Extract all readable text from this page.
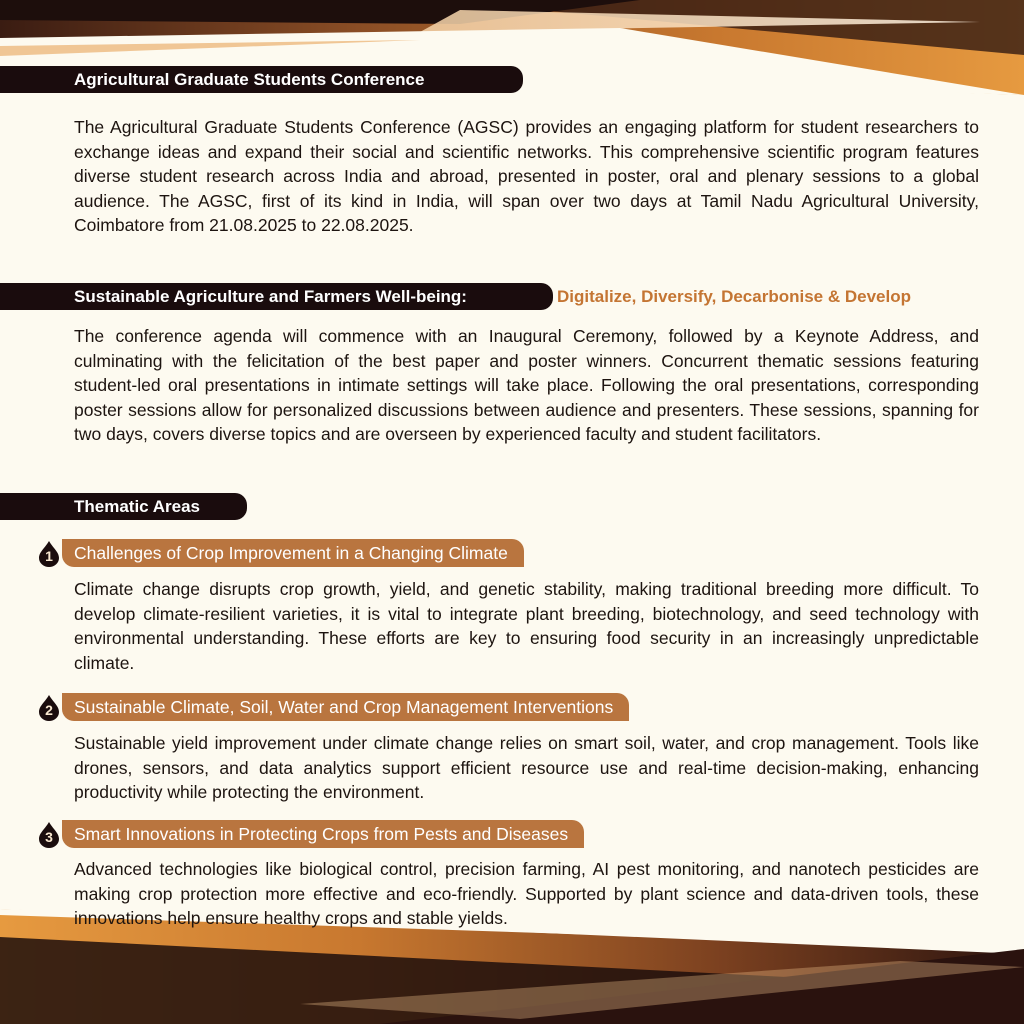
Agricultural Graduate Students Conference

The Agricultural Graduate Students Conference (AGSC) provides an engaging platform for student researchers to exchange ideas and expand their social and scientific networks. This comprehensive scientific program features diverse student research across India and abroad, presented in poster, oral and plenary sessions to a global audience. The AGSC, first of its kind in India, will span over two days at Tamil Nadu Agricultural University, Coimbatore from 21.08.2025 to 22.08.2025.

Sustainable Agriculture and Farmers Well-being:	Digitalize, Diversify, Decarbonise & Develop

The conference agenda will commence with an Inaugural Ceremony, followed by a Keynote Address, and culminating with the felicitation of the best paper and poster winners. Concurrent thematic sessions featuring student-led oral presentations in intimate settings will take place. Following the oral presentations, corresponding poster sessions allow for personalized discussions between audience and presenters. These sessions, spanning for two days, covers diverse topics and are overseen by experienced faculty and student facilitators.

Thematic Areas
1	Challenges of Crop Improvement in a Changing Climate

Climate change disrupts crop growth, yield, and genetic stability, making traditional breeding more difficult. To develop climate-resilient varieties, it is vital to integrate plant breeding, biotechnology, and seed technology with environmental understanding. These efforts are key to ensuring food security in an increasingly unpredictable climate.

2	Sustainable Climate, Soil, Water and Crop Management Interventions

Sustainable yield improvement under climate change relies on smart soil, water, and crop management. Tools like drones, sensors, and data analytics support efficient resource use and real-time decision-making, enhancing productivity while protecting the environment.

3	Smart Innovations in Protecting Crops from Pests and Diseases

Advanced technologies like biological control, precision farming, AI pest monitoring, and nanotech pesticides are making crop protection more effective and eco-friendly. Supported by plant science and data-driven tools, these innovations help ensure healthy crops and stable yields.
